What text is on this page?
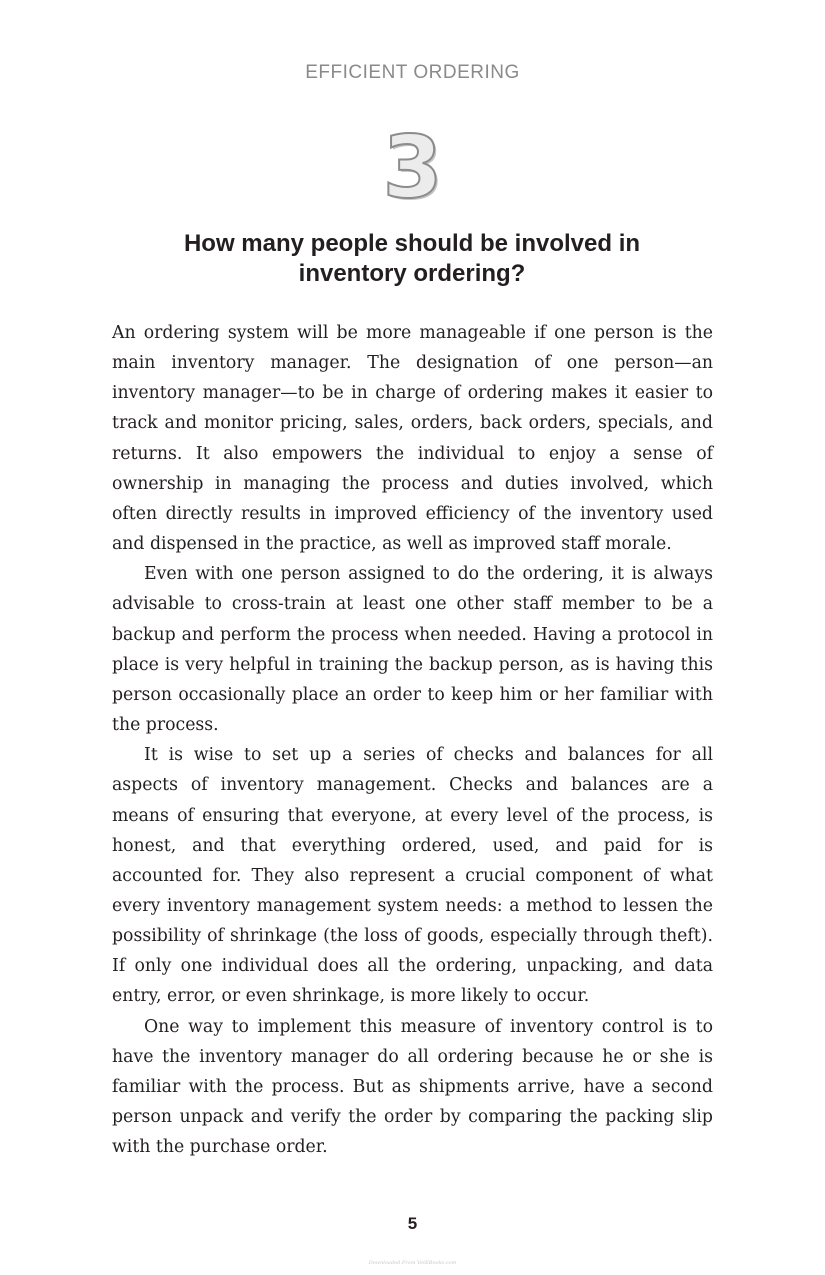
EFFICIENT ORDERING
3
How many people should be involved in
inventory ordering?

An ordering system will be more manageable if one person is the main inventory manager. The designation of one person—an inventory manager—to be in charge of ordering makes it easier to track and monitor pricing, sales, orders, back orders, specials, and returns. It also empowers the individual to enjoy a sense of ownership in managing the process and duties involved, which often directly results in improved efficiency of the inventory used and dispensed in the practice, as well as improved staff morale.

Even with one person assigned to do the ordering, it is always advisable to cross-train at least one other staff member to be a backup and perform the process when needed. Having a protocol in place is very helpful in training the backup person, as is having this person occasionally place an order to keep him or her familiar with the process.

It is wise to set up a series of checks and balances for all aspects of inventory management. Checks and balances are a means of ensuring that everyone, at every level of the process, is honest, and that everything ordered, used, and paid for is accounted for. They also represent a crucial component of what every inventory management system needs: a method to lessen the possibility of shrinkage (the loss of goods, especially through theft). If only one individual does all the ordering, unpacking, and data entry, error, or even shrinkage, is more likely to occur.

One way to implement this measure of inventory control is to have the inventory manager do all ordering because he or she is familiar with the process. But as shipments arrive, have a second person unpack and verify the order by comparing the packing slip with the purchase order.

5
Downloaded From VetEBooks.com
